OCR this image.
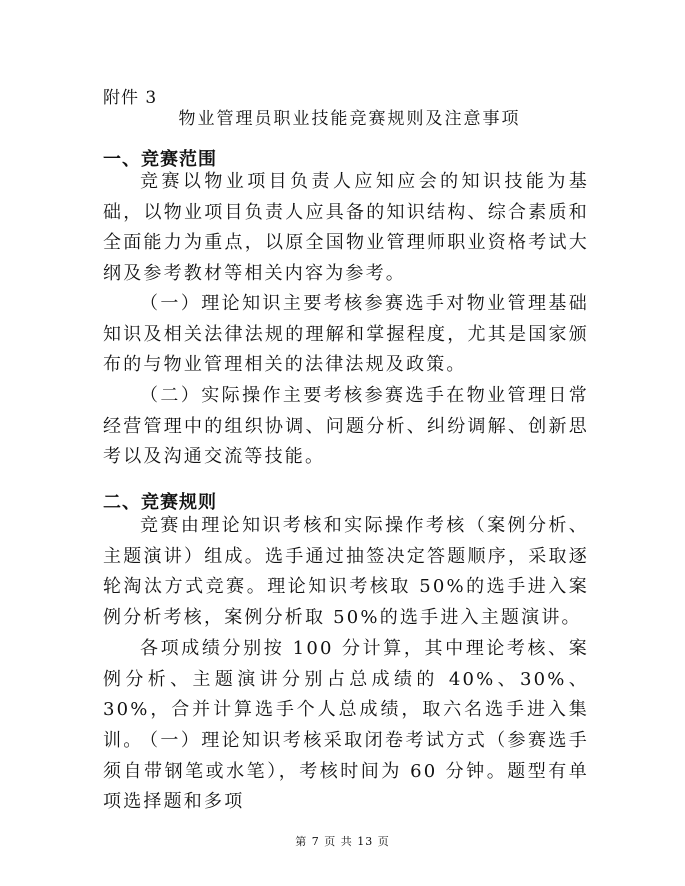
附件 3
物业管理员职业技能竞赛规则及注意事项
一、竞赛范围

竞赛以物业项目负责人应知应会的知识技能为基础，以物业项目负责人应具备的知识结构、综合素质和全面能力为重点，以原全国物业管理师职业资格考试大纲及参考教材等相关内容为参考。

（一）理论知识主要考核参赛选手对物业管理基础知识及相关法律法规的理解和掌握程度，尤其是国家颁布的与物业管理相关的法律法规及政策。

（二）实际操作主要考核参赛选手在物业管理日常经营管理中的组织协调、问题分析、纠纷调解、创新思考以及沟通交流等技能。

二、竞赛规则

竞赛由理论知识考核和实际操作考核（案例分析、主题演讲）组成。选手通过抽签决定答题顺序，采取逐轮淘汰方式竞赛。理论知识考核取 50%的选手进入案例分析考核，案例分析取 50%的选手进入主题演讲。

各项成绩分别按 100 分计算，其中理论考核、案例分析、主题演讲分别占总成绩的 40%、30%、30%，合并计算选手个人总成绩，取六名选手进入集训。

（一）理论知识考核采取闭卷考试方式（参赛选手须自带钢笔或水笔），考核时间为 60 分钟。题型有单项选择题和多项

第 7 页 共 13 页
